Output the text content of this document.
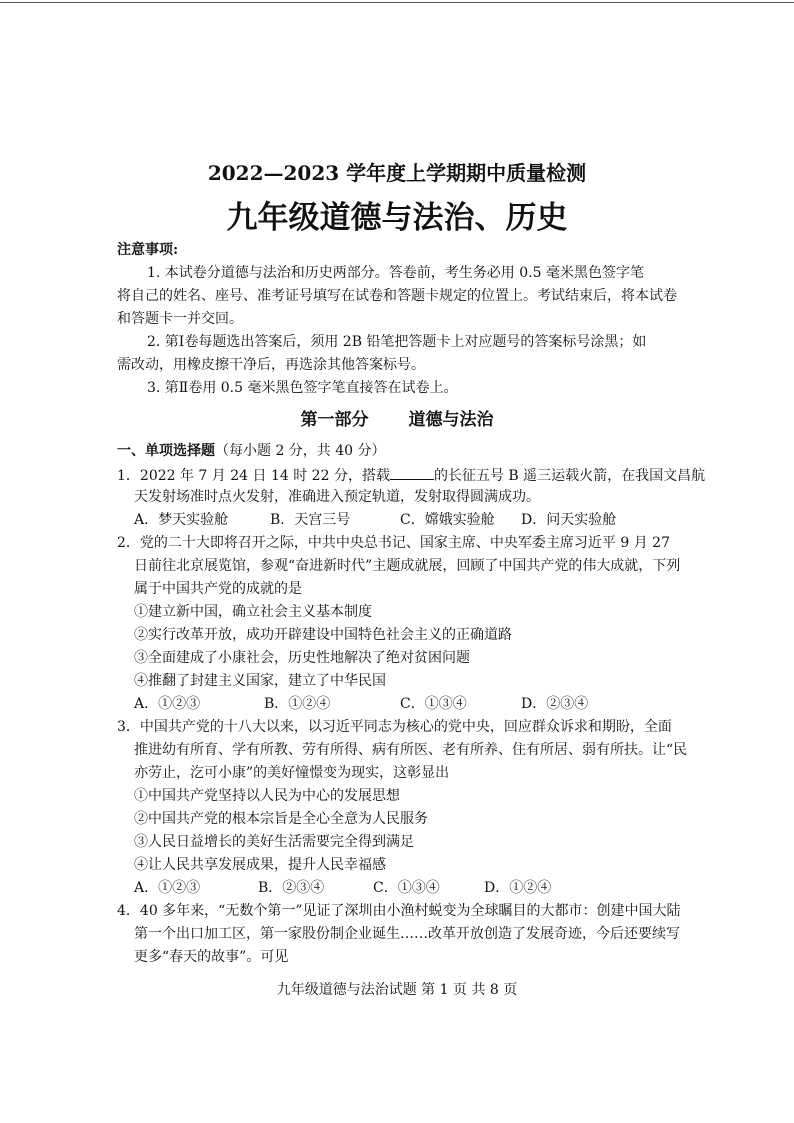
2022—2023 学年度上学期期中质量检测
九年级道德与法治、历史
注意事项:
1. 本试卷分道德与法治和历史两部分。答卷前，考生务必用 0.5 毫米黑色签字笔
将自己的姓名、座号、准考证号填写在试卷和答题卡规定的位置上。考试结束后，将本试卷
和答题卡一并交回。
2. 第Ⅰ卷每题选出答案后，须用 2B 铅笔把答题卡上对应题号的答案标号涂黑；如
需改动，用橡皮擦干净后，再选涂其他答案标号。
3. 第Ⅱ卷用 0.5 毫米黑色签字笔直接答在试卷上。
第一部分 道德与法治
一、单项选择题（每小题 2 分，共 40 分）
1．2022 年 7 月 24 日 14 时 22 分，搭载	的长征五号 B 遥三运载火箭，在我国文昌航
天发射场准时点火发射，准确进入预定轨道，发射取得圆满成功。
A．梦天实验舱	B．天宫三号	C．嫦娥实验舱 D．问天实验舱
2．党的二十大即将召开之际，中共中央总书记、国家主席、中央军委主席习近平 9 月 27
日前往北京展览馆，参观“奋进新时代”主题成就展，回顾了中国共产党的伟大成就，下列
属于中国共产党的成就的是
①建立新中国，确立社会主义基本制度
②实行改革开放，成功开辟建设中国特色社会主义的正确道路
③全面建成了小康社会，历史性地解决了绝对贫困问题
④推翻了封建主义国家，建立了中华民国
A．①②③	B．①②④	C．①③④	D．②③④
3．中国共产党的十八大以来，以习近平同志为核心的党中央，回应群众诉求和期盼，全面
推进幼有所育、学有所教、劳有所得、病有所医、老有所养、住有所居、弱有所扶。让“民
亦劳止，汔可小康”的美好憧憬变为现实，这彰显出
①中国共产党坚持以人民为中心的发展思想
②中国共产党的根本宗旨是全心全意为人民服务
③人民日益增长的美好生活需要完全得到满足
④让人民共享发展成果，提升人民幸福感
A．①②③	B．②③④	C．①③④	D．①②④
4．40 多年来，“无数个第一”见证了深圳由小渔村蜕变为全球瞩目的大都市：创建中国大陆
第一个出口加工区，第一家股份制企业诞生……改革开放创造了发展奇迹，今后还要续写
更多“春天的故事”。可见
九年级道德与法治试题 第 1 页 共 8 页
